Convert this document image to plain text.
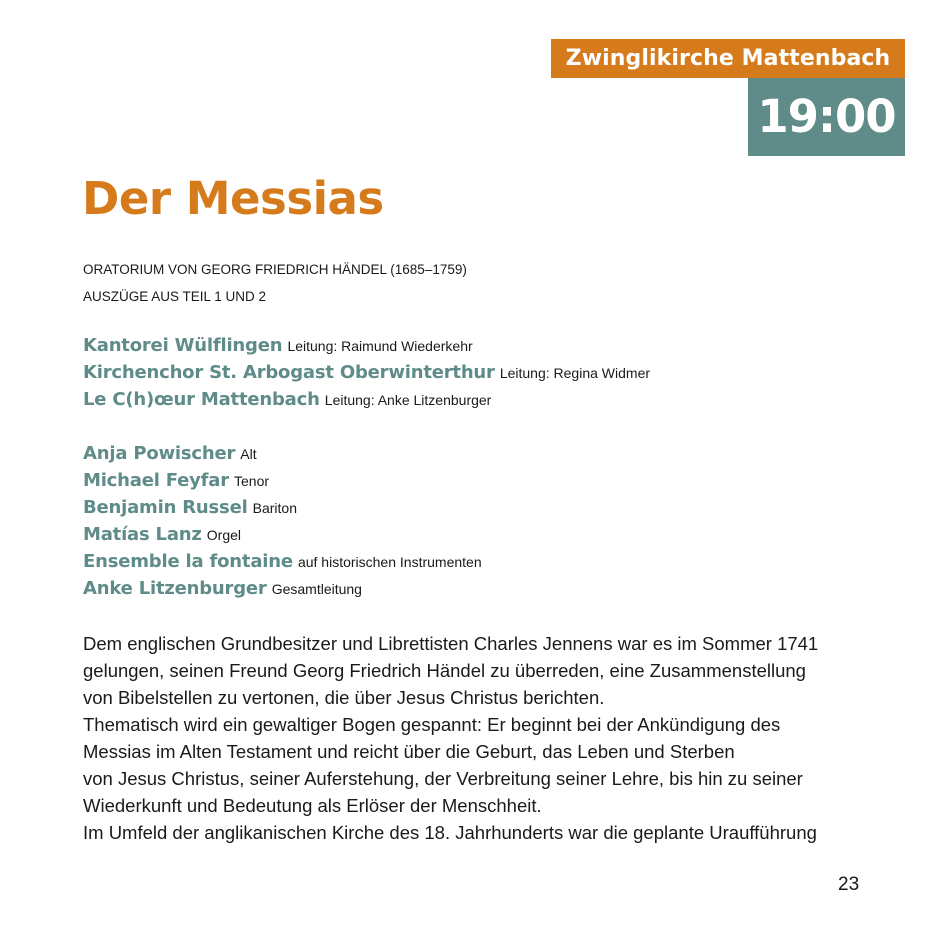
Zwinglikirche Mattenbach
19:00
Der Messias
ORATORIUM VON GEORG FRIEDRICH HÄNDEL (1685–1759)
AUSZÜGE AUS TEIL 1 UND 2
Kantorei Wülflingen Leitung: Raimund Wiederkehr
Kirchenchor St. Arbogast Oberwinterthur Leitung: Regina Widmer
Le C(h)œur Mattenbach Leitung: Anke Litzenburger
Anja Powischer Alt
Michael Feyfar Tenor
Benjamin Russel Bariton
Matías Lanz Orgel
Ensemble la fontaine auf historischen Instrumenten
Anke Litzenburger Gesamtleitung
Dem englischen Grundbesitzer und Librettisten Charles Jennens war es im Sommer 1741
gelungen, seinen Freund Georg Friedrich Händel zu überreden, eine Zusammenstellung
von Bibelstellen zu vertonen, die über Jesus Christus berichten.
Thematisch wird ein gewaltiger Bogen gespannt: Er beginnt bei der Ankündigung des
Messias im Alten Testament und reicht über die Geburt, das Leben und Sterben
von Jesus Christus, seiner Auferstehung, der Verbreitung seiner Lehre, bis hin zu seiner
Wiederkunft und Bedeutung als Erlöser der Menschheit.
Im Umfeld der anglikanischen Kirche des 18. Jahrhunderts war die geplante Uraufführung
23
